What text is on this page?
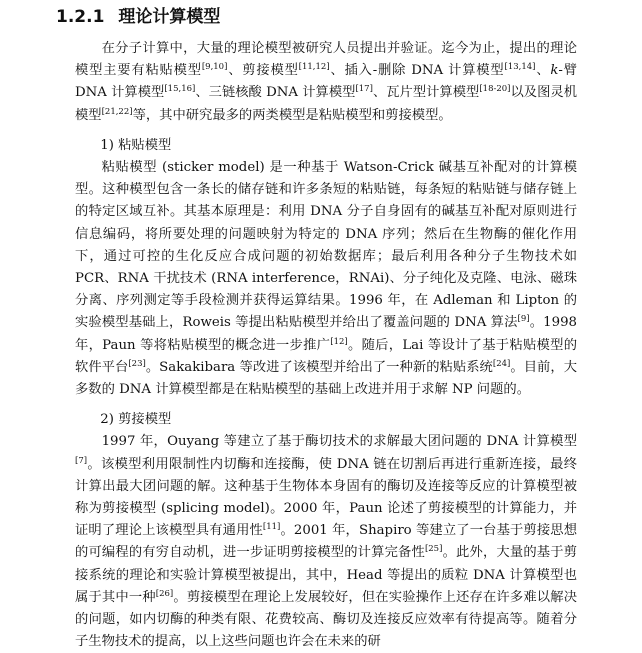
1.2.1 理论计算模型

在分子计算中，大量的理论模型被研究人员提出并验证。迄今为止，提出的理论模型主要有粘贴模型[9,10]、剪接模型[11,12]、插入-删除 DNA 计算模型[13,14]、k-臂 DNA 计算模型[15,16]、三链核酸 DNA 计算模型[17]、瓦片型计算模型[18-20]以及图灵机模型[21,22]等，其中研究最多的两类模型是粘贴模型和剪接模型。

1) 粘贴模型

粘贴模型 (sticker model) 是一种基于 Watson-Crick 碱基互补配对的计算模型。这种模型包含一条长的储存链和许多条短的粘贴链，每条短的粘贴链与储存链上的特定区域互补。其基本原理是：利用 DNA 分子自身固有的碱基互补配对原则进行信息编码，将所要处理的问题映射为特定的 DNA 序列；然后在生物酶的催化作用下，通过可控的生化反应合成问题的初始数据库；最后利用各种分子生物技术如 PCR、RNA 干扰技术 (RNA interference，RNAi)、分子纯化及克隆、电泳、磁珠分离、序列测定等手段检测并获得运算结果。1996 年，在 Adleman 和 Lipton 的实验模型基础上，Roweis 等提出粘贴模型并给出了覆盖问题的 DNA 算法[9]。1998 年，Paun 等将粘贴模型的概念进一步推广[12]。随后，Lai 等设计了基于粘贴模型的软件平台[23]。Sakakibara 等改进了该模型并给出了一种新的粘贴系统[24]。目前，大多数的 DNA 计算模型都是在粘贴模型的基础上改进并用于求解 NP 问题的。

2) 剪接模型

1997 年，Ouyang 等建立了基于酶切技术的求解最大团问题的 DNA 计算模型[7]。该模型利用限制性内切酶和连接酶，使 DNA 链在切割后再进行重新连接，最终计算出最大团问题的解。这种基于生物体本身固有的酶切及连接等反应的计算模型被称为剪接模型 (splicing model)。2000 年，Paun 论述了剪接模型的计算能力，并证明了理论上该模型具有通用性[11]。2001 年，Shapiro 等建立了一台基于剪接思想的可编程的有穷自动机，进一步证明剪接模型的计算完备性[25]。此外，大量的基于剪接系统的理论和实验计算模型被提出，其中，Head 等提出的质粒 DNA 计算模型也属于其中一种[26]。剪接模型在理论上发展较好，但在实验操作上还存在许多难以解决的问题，如内切酶的种类有限、花费较高、酶切及连接反应效率有待提高等。随着分子生物技术的提高，以上这些问题也许会在未来的研
